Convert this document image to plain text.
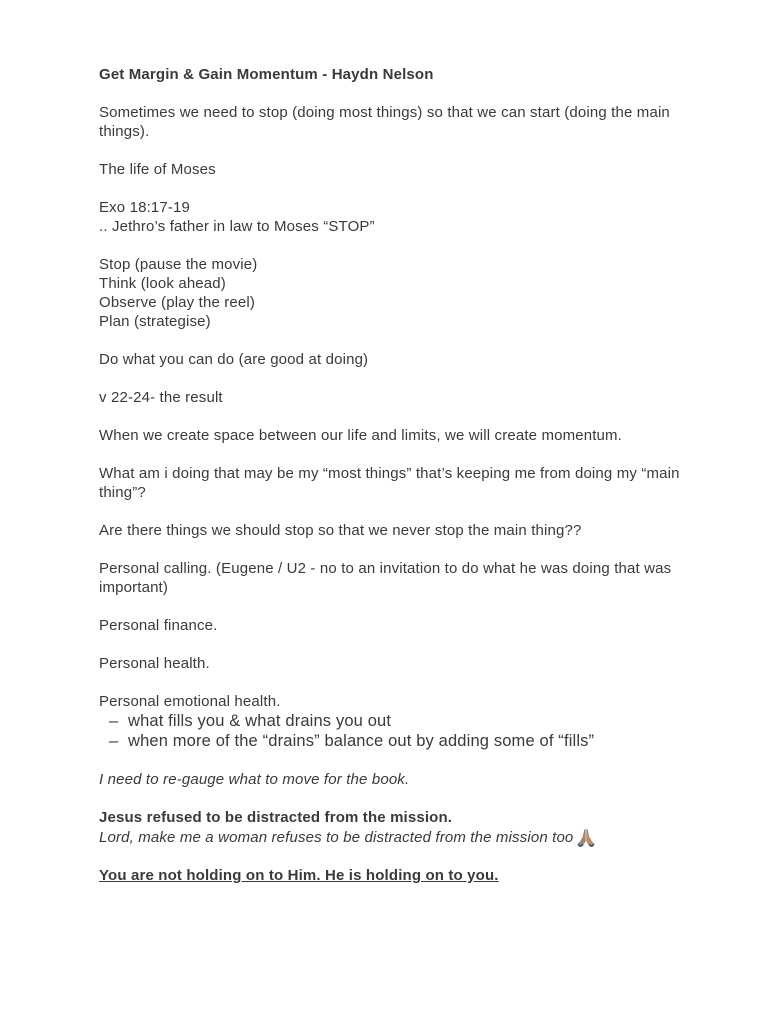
Get Margin & Gain Momentum - Haydn Nelson

Sometimes we need to stop (doing most things) so that we can start (doing the main things).

The life of Moses

Exo 18:17-19

.. Jethro’s father in law to Moses “STOP”

Stop (pause the movie)

Think (look ahead)

Observe (play the reel)

Plan (strategise)

Do what you can do (are good at doing)

v 22-24- the result

When we create space between our life and limits, we will create momentum.

What am i doing that may be my “most things” that’s keeping me from doing my “main thing”?

Are there things we should stop so that we never stop the main thing??

Personal calling. (Eugene / U2 - no to an invitation to do what he was doing that was important)

Personal finance.

Personal health.

Personal emotional health.

– what fills you & what drains you out
– when more of the “drains” balance out by adding some of “fills”

I need to re-gauge what to move for the book.

Jesus refused to be distracted from the mission.

Lord, make me a woman refuses to be distracted from the mission too

You are not holding on to Him. He is holding on to you.
